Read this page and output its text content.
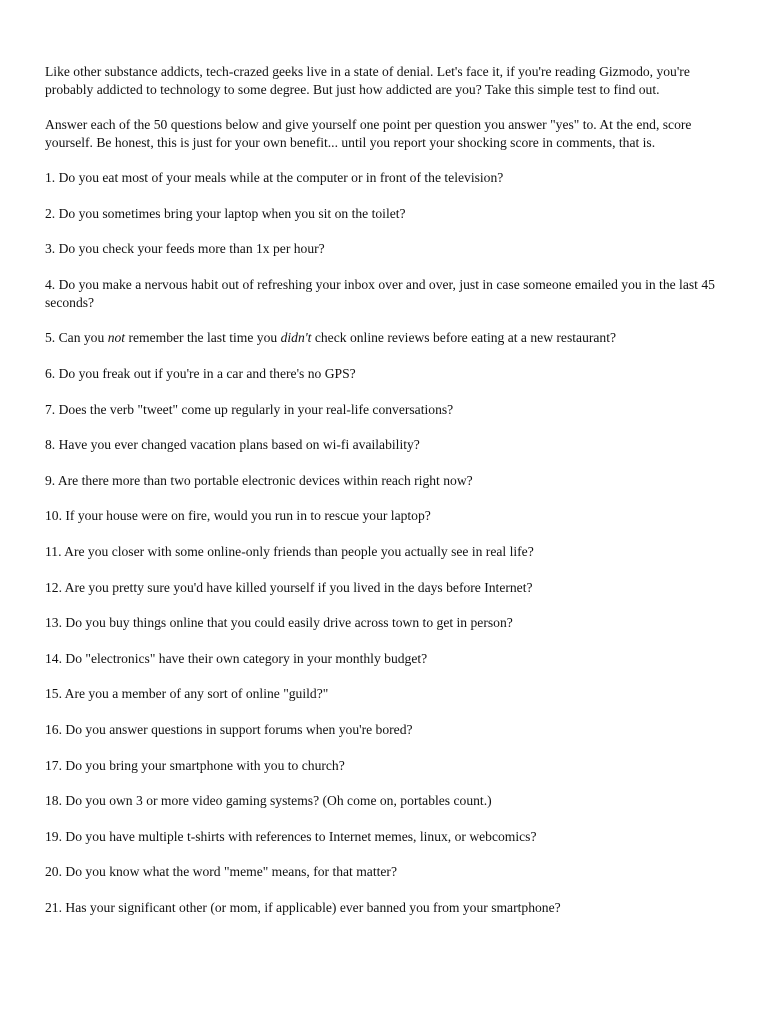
Like other substance addicts, tech-crazed geeks live in a state of denial. Let's face it, if you're reading Gizmodo, you're probably addicted to technology to some degree. But just how addicted are you? Take this simple test to find out.

Answer each of the 50 questions below and give yourself one point per question you answer "yes" to. At the end, score yourself. Be honest, this is just for your own benefit... until you report your shocking score in comments, that is.

1. Do you eat most of your meals while at the computer or in front of the television?

2. Do you sometimes bring your laptop when you sit on the toilet?

3. Do you check your feeds more than 1x per hour?

4. Do you make a nervous habit out of refreshing your inbox over and over, just in case someone emailed you in the last 45 seconds?

5. Can you not remember the last time you didn't check online reviews before eating at a new restaurant?

6. Do you freak out if you're in a car and there's no GPS?

7. Does the verb "tweet" come up regularly in your real-life conversations?

8. Have you ever changed vacation plans based on wi-fi availability?

9. Are there more than two portable electronic devices within reach right now?

10. If your house were on fire, would you run in to rescue your laptop?

11. Are you closer with some online-only friends than people you actually see in real life?

12. Are you pretty sure you'd have killed yourself if you lived in the days before Internet?

13. Do you buy things online that you could easily drive across town to get in person?

14. Do "electronics" have their own category in your monthly budget?

15. Are you a member of any sort of online "guild?"

16. Do you answer questions in support forums when you're bored?

17. Do you bring your smartphone with you to church?

18. Do you own 3 or more video gaming systems? (Oh come on, portables count.)

19. Do you have multiple t-shirts with references to Internet memes, linux, or webcomics?

20. Do you know what the word "meme" means, for that matter?

21. Has your significant other (or mom, if applicable) ever banned you from your smartphone?
